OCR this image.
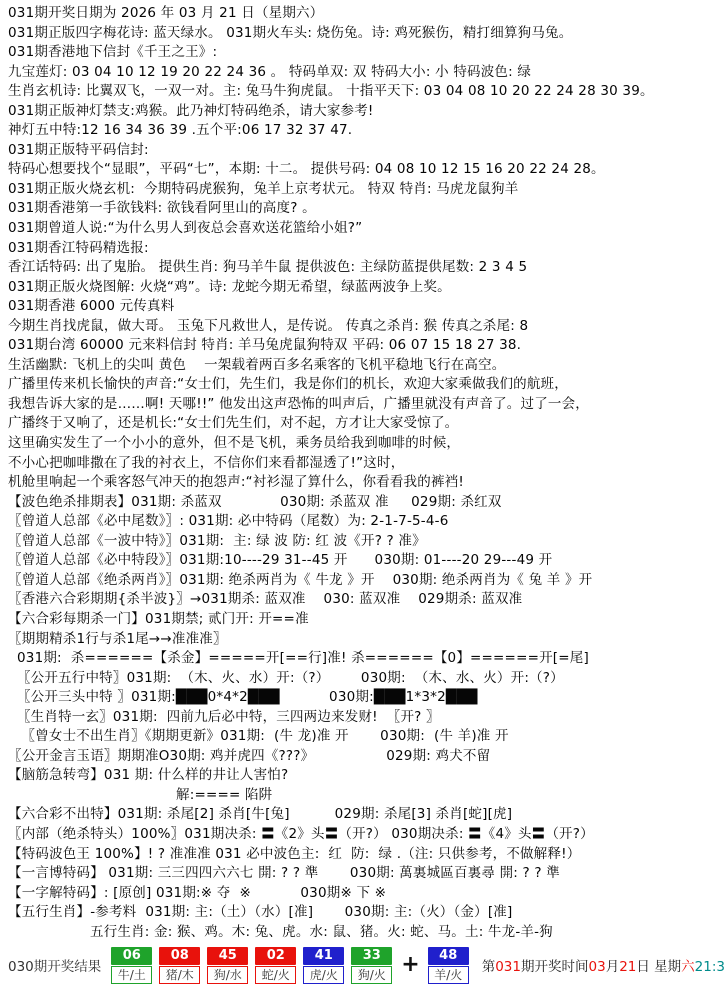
031期开奖日期为 2026 年 03 月 21 日（星期六）
031期正版四字梅花诗: 蓝天绿水。 031期火车头: 烧伤兔。诗: 鸡死猴伤，精打细算狗马兔。
031期香港地下信封《千王之王》:
九宝莲灯: 03 04 10 12 19 20 22 24 36 。 特码单双: 双 特码大小: 小 特码波色: 绿
生肖玄机诗: 比翼双飞，一双一对。主: 兔马牛狗虎鼠。 十指平天下: 03 04 08 10 20 22 24 28 30 39。
031期正版神灯禁支:鸡猴。此乃神灯特码绝杀，请大家参考!
神灯五中特:12 16 34 36 39 .五个平:06 17 32 37 47.
031期正版特平码信封:
特码心想要找个“显眼”，平码“七”，本期: 十二。 提供号码: 04 08 10 12 15 16 20 22 24 28。
031期正版火烧玄机:  今期特码虎猴狗，兔羊上京考状元。 特双 特肖: 马虎龙鼠狗羊
031期香港第一手欲钱料: 欲钱看阿里山的高度? 。
031期曾道人说:“为什么男人到夜总会喜欢送花篮给小姐?”
031期香江特码精选报:
香江话特码: 出了鬼胎。 提供生肖: 狗马羊牛鼠 提供波色: 主绿防蓝提供尾数: 2 3 4 5
031期正版火烧图解: 火烧“鸡”。诗: 龙蛇今期无希望，绿蓝两波争上奖。
031期香港 6000 元传真料
今期生肖找虎鼠，做大哥。 玉兔下凡救世人，是传说。 传真之杀肖: 猴 传真之杀尾: 8
031期台湾 60000 元来料信封 特肖: 羊马兔虎鼠狗特双 平码: 06 07 15 18 27 38.
生活幽默: 飞机上的尖叫 黄色    一架载着两百多名乘客的飞机平稳地飞行在高空。
广播里传来机长愉快的声音:“女士们，先生们，我是你们的机长，欢迎大家乘做我们的航班，
我想告诉大家的是……啊! 天哪!!” 他发出这声恐怖的叫声后，广播里就没有声音了。过了一会，
广播终于又响了，还是机长:“女士们先生们，对不起，方才让大家受惊了。
这里确实发生了一个小小的意外，但不是飞机，乘务员给我到咖啡的时候，
不小心把咖啡撒在了我的衬衣上，不信你们来看都湿透了!”这时，
机舱里响起一个乘客怒气冲天的抱怨声:“衬衫湿了算什么，你看看我的裤裆!
【波色绝杀排期表】031期: 杀蓝双             030期: 杀蓝双 准     029期: 杀红双
〖曾道人总部《必中尾数》〗: 031期: 必中特码（尾数）为: 2-1-7-5-4-6
〖曾道人总部《一波中特》〗031期:  主: 绿 波 防: 红 波《开? ? 准》
〖曾道人总部《必中特段》〗031期:10----29 31--45 开      030期: 01----20 29---49 开
〖曾道人总部《绝杀两肖》〗031期: 绝杀两肖为《 牛龙 》开    030期: 绝杀两肖为《 兔 羊 》开
〖香港六合彩期期{杀半波}〗→031期杀: 蓝双准    030: 蓝双准    029期杀: 蓝双准
【六合彩每期杀一门】031期禁; 贰门开: 开==准
〖期期精杀1行与杀1尾→→准准准〗
031期:  杀======【杀金】=====开[==行]准! 杀======【0】======开[=尾]
〖公开五行中特〗031期:  （木、火、水）开:（?）       030期:  （木、水、火）开:（?）
〖公开三头中特 〗031期:███0*4*2███           030期:███1*3*2███
〖生肖特一玄〗031期:  四前九后必中特，三四两边来发财!  〖开? 〗
〖曾女士不出生肖〗《期期更新》031期:  (牛 龙)准 开       030期:  (牛 羊)准 开
〖公开金言玉语〗期期准O30期: 鸡并虎四《???》                029期: 鸡犬不留
【脑筋急转弯】031 期: 什么样的井让人害怕?
解:==== 陷阱
【六合彩不出特】031期: 杀尾[2] 杀肖[牛[兔]          029期: 杀尾[3] 杀肖[蛇][虎]
〖内部（绝杀特头）100%〗031期决杀: 〓《2》头〓（开?） 030期决杀: 〓《4》头〓（开?）
【特码波色王 100%】! ? 准准准 031 必中波色主:  红  防:  绿 .（注: 只供参考，不做解释!）
【一言博特码】 031期: 三三四四六六七 開: ? ? 準       030期: 萬裏城區百裏尋 開: ? ? 準
【一字解特码】: [原创] 031期:※ 夺  ※           030期※ 下 ※
【五行生肖】-参考料  031期: 主:（土）（水）[准]       030期: 主:（火）（金）[准]
五行生肖: 金: 猴、鸡。木: 兔、虎。水: 鼠、猪。火: 蛇、马。土: 牛龙-羊-狗
030期开奖结果
06
牛/土
08
猪/木
45
狗/水
02
蛇/火
41
虎/火
33
狗/火 +	48
羊/火	第031期开奖时间03月21日 星期六21:3
